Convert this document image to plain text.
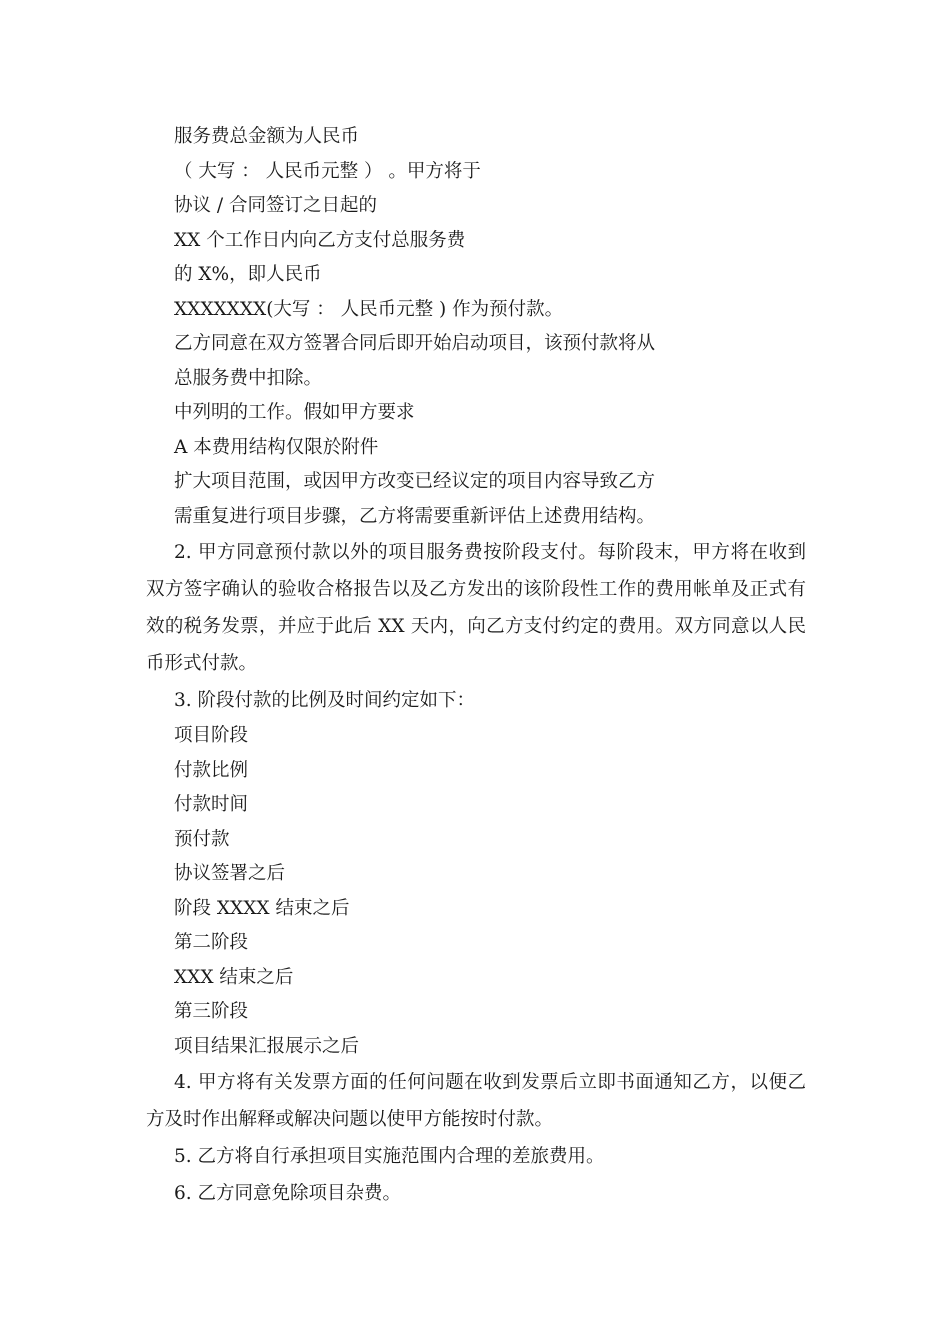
服务费总金额为人民币

（ 大写 ： 人民币元整 ） 。甲方将于

协议 / 合同签订之日起的

XX 个工作日内向乙方支付总服务费

的 X%，即人民币

XXXXXXX(大写 ： 人民币元整 ) 作为预付款。

乙方同意在双方签署合同后即开始启动项目，该预付款将从

总服务费中扣除。

中列明的工作。假如甲方要求

A 本费用结构仅限於附件

扩大项目范围，或因甲方改变已经议定的项目内容导致乙方

需重复进行项目步骤，乙方将需要重新评估上述费用结构。

2. 甲方同意预付款以外的项目服务费按阶段支付。每阶段末，甲方将在收到双方签字确认的验收合格报告以及乙方发出的该阶段性工作的费用帐单及正式有效的税务发票，并应于此后 XX 天内，向乙方支付约定的费用。双方同意以人民币形式付款。

3. 阶段付款的比例及时间约定如下：

项目阶段

付款比例

付款时间

预付款

协议签署之后

阶段 XXXX 结束之后

第二阶段

XXX 结束之后

第三阶段

项目结果汇报展示之后

4. 甲方将有关发票方面的任何问题在收到发票后立即书面通知乙方，以便乙方及时作出解释或解决问题以使甲方能按时付款。

5. 乙方将自行承担项目实施范围内合理的差旅费用。

6. 乙方同意免除项目杂费。
